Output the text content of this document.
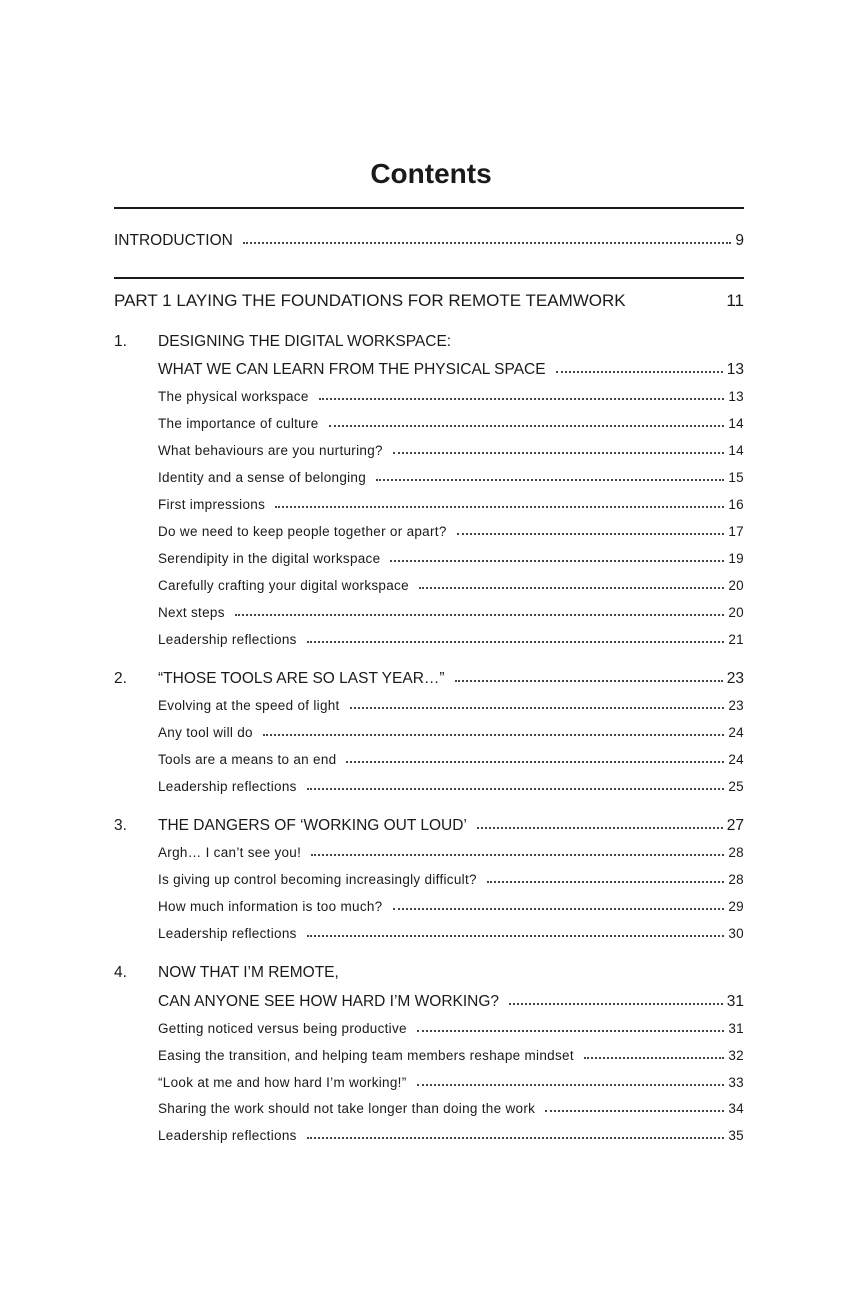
Contents
INTRODUCTION	9
PART 1 LAYING THE FOUNDATIONS FOR REMOTE TEAMWORK	11
1. DESIGNING THE DIGITAL WORKSPACE:
WHAT WE CAN LEARN FROM THE PHYSICAL SPACE	13
The physical workspace	13
The importance of culture	14
What behaviours are you nurturing?	14
Identity and a sense of belonging	15
First impressions	16
Do we need to keep people together or apart?	17
Serendipity in the digital workspace	19
Carefully crafting your digital workspace	20
Next steps	20
Leadership reflections	21
2. “THOSE TOOLS ARE SO LAST YEAR…”	23
Evolving at the speed of light	23
Any tool will do	24
Tools are a means to an end	24
Leadership reflections	25
3. THE DANGERS OF ‘WORKING OUT LOUD’	27
Argh… I can’t see you!	28
Is giving up control becoming increasingly difficult?	28
How much information is too much?	29
Leadership reflections	30
4. NOW THAT I’M REMOTE,
CAN ANYONE SEE HOW HARD I’M WORKING?	31
Getting noticed versus being productive	31
Easing the transition, and helping team members reshape mindset	32
“Look at me and how hard I’m working!”	33
Sharing the work should not take longer than doing the work	34
Leadership reflections	35
